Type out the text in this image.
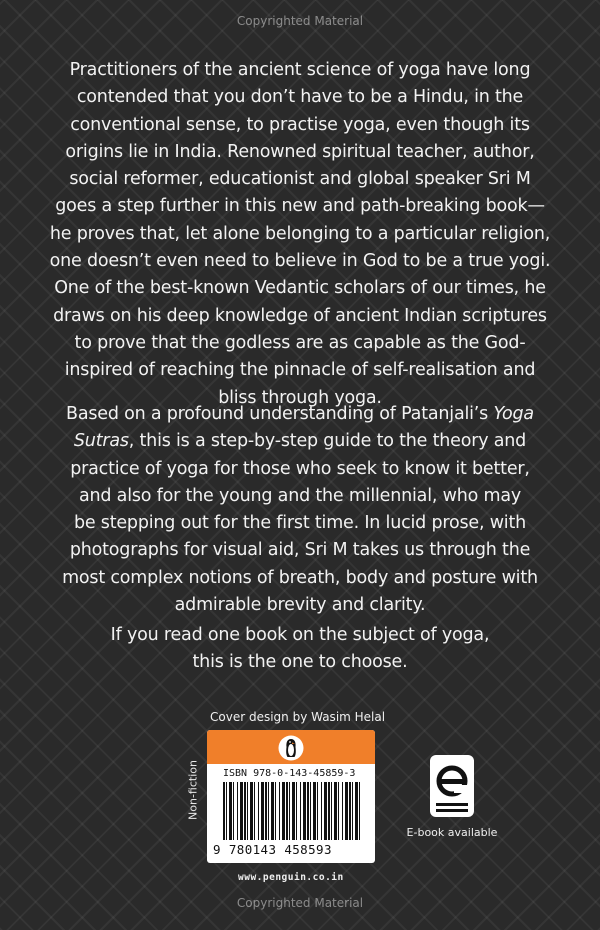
Copyrighted Material
Practitioners of the ancient science of yoga have long
contended that you don’t have to be a Hindu, in the
conventional sense, to practise yoga, even though its
origins lie in India. Renowned spiritual teacher, author,
social reformer, educationist and global speaker Sri M
goes a step further in this new and path-breaking book—
he proves that, let alone belonging to a particular religion,
one doesn’t even need to believe in God to be a true yogi.
One of the best-known Vedantic scholars of our times, he
draws on his deep knowledge of ancient Indian scriptures
to prove that the godless are as capable as the God-
inspired of reaching the pinnacle of self-realisation and
bliss through yoga.
Based on a profound understanding of Patanjali’s Yoga
Sutras, this is a step-by-step guide to the theory and
practice of yoga for those who seek to know it better,
and also for the young and the millennial, who may
be stepping out for the first time. In lucid prose, with
photographs for visual aid, Sri M takes us through the
most complex notions of breath, body and posture with
admirable brevity and clarity.
If you read one book on the subject of yoga,
this is the one to choose.
Cover design by Wasim Helal
Non-fiction ISBN 978-0-143-45859-3
9 780143 458593
www.penguin.co.in
E-book available
Copyrighted Material
